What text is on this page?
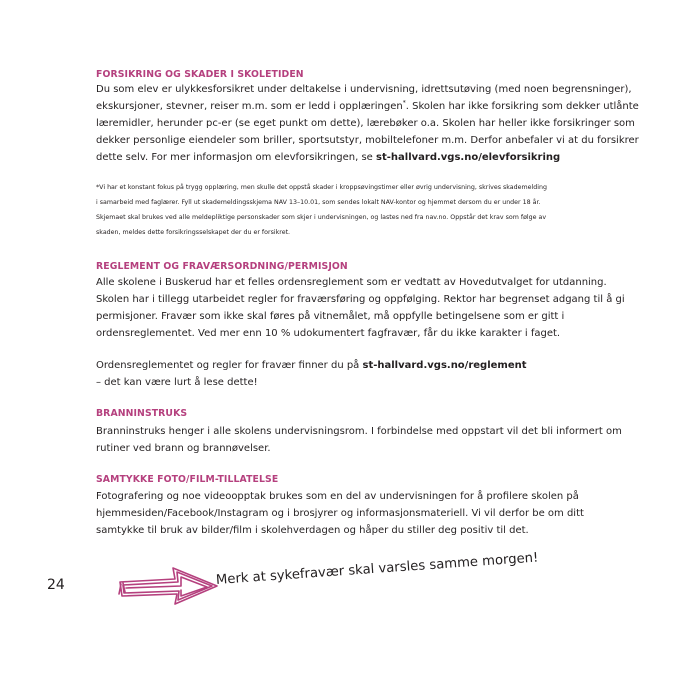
FORSIKRING OG SKADER I SKOLETIDEN
Du som elev er ulykkesforsikret under deltakelse i undervisning, idrettsutøving (med noen begrensninger),
ekskursjoner, stevner, reiser m.m. som er ledd i opplæringen*. Skolen har ikke forsikring som dekker utlånte
læremidler, herunder pc-er (se eget punkt om dette), lærebøker o.a. Skolen har heller ikke forsikringer som
dekker personlige eiendeler som briller, sportsutstyr, mobiltelefoner m.m. Derfor anbefaler vi at du forsikrer
dette selv. For mer informasjon om elevforsikringen, se st-hallvard.vgs.no/elevforsikring
*Vi har et konstant fokus på trygg opplæring, men skulle det oppstå skader i kroppsøvingstimer eller øvrig undervisning, skrives skademelding
i samarbeid med faglærer. Fyll ut skademeldingsskjema NAV 13–10.01, som sendes lokalt NAV-kontor og hjemmet dersom du er under 18 år.
Skjemaet skal brukes ved alle meldepliktige personskader som skjer i undervisningen, og lastes ned fra nav.no. Oppstår det krav som følge av
skaden, meldes dette forsikringsselskapet der du er forsikret.
REGLEMENT OG FRAVÆRSORDNING/PERMISJON
Alle skolene i Buskerud har et felles ordensreglement som er vedtatt av Hovedutvalget for utdanning.
Skolen har i tillegg utarbeidet regler for fraværsføring og oppfølging. Rektor har begrenset adgang til å gi
permisjoner. Fravær som ikke skal føres på vitnemålet, må oppfylle betingelsene som er gitt i
ordensreglementet. Ved mer enn 10 % udokumentert fagfravær, får du ikke karakter i faget.
Ordensreglementet og regler for fravær finner du på st-hallvard.vgs.no/reglement
– det kan være lurt å lese dette!
BRANNINSTRUKS
Branninstruks henger i alle skolens undervisningsrom. I forbindelse med oppstart vil det bli informert om
rutiner ved brann og brannøvelser.
SAMTYKKE FOTO/FILM-TILLATELSE
Fotografering og noe videoopptak brukes som en del av undervisningen for å profilere skolen på
hjemmesiden/Facebook/Instagram og i brosjyrer og informasjonsmateriell. Vi vil derfor be om ditt
samtykke til bruk av bilder/film i skolehverdagen og håper du stiller deg positiv til det.
24	Merk at sykefravær skal varsles samme morgen!
